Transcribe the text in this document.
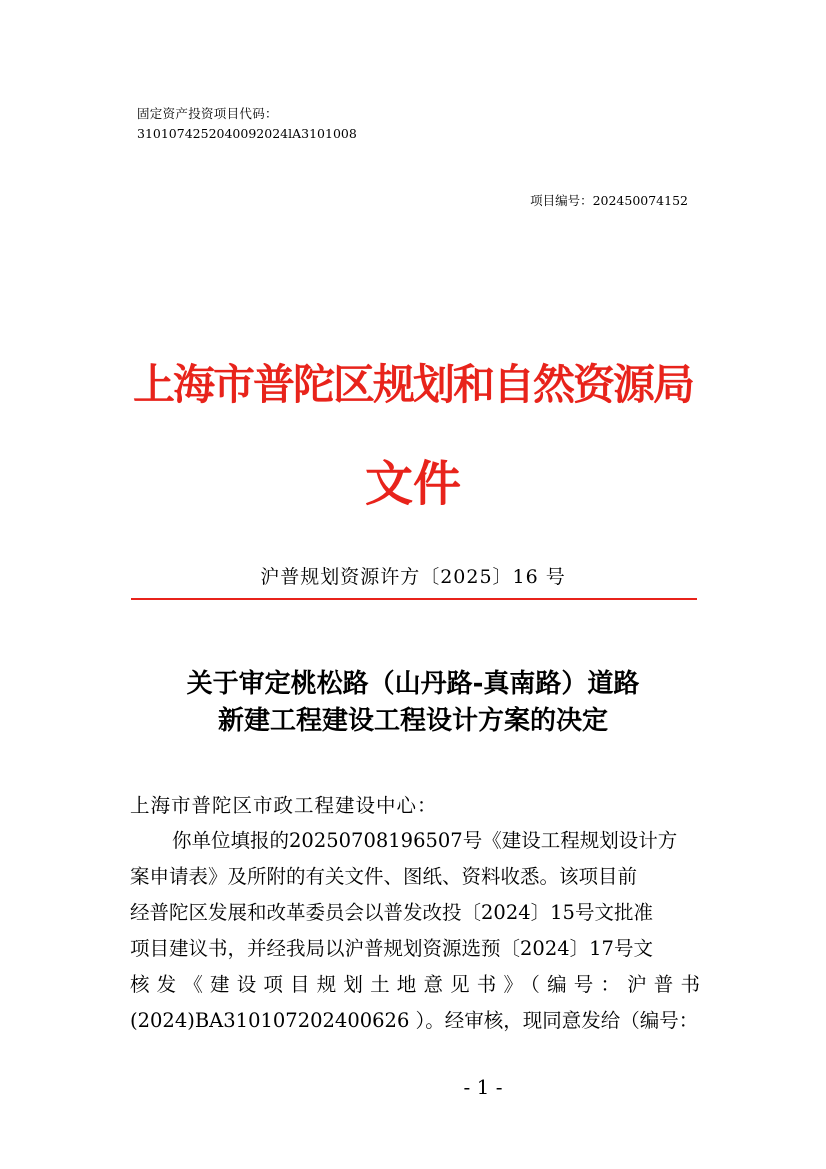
固定资产投资项目代码：
3101074252040092024lA3101008
项目编号：202450074152
上海市普陀区规划和自然资源局
文件
沪普规划资源许方〔2025〕16 号
关于审定桃松路（山丹路-真南路）道路
新建工程建设工程设计方案的决定
上海市普陀区市政工程建设中心：
你单位填报的20250708196507号《建设工程规划设计方
案申请表》及所附的有关文件、图纸、资料收悉。该项目前
经普陀区发展和改革委员会以普发改投〔2024〕15号文批准
项目建议书，并经我局以沪普规划资源选预〔2024〕17号文
核发《建设项目规划土地意见书》（编号：沪普书
(2024)BA310107202400626 ）。经审核，现同意发给（编号：
- 1 -
